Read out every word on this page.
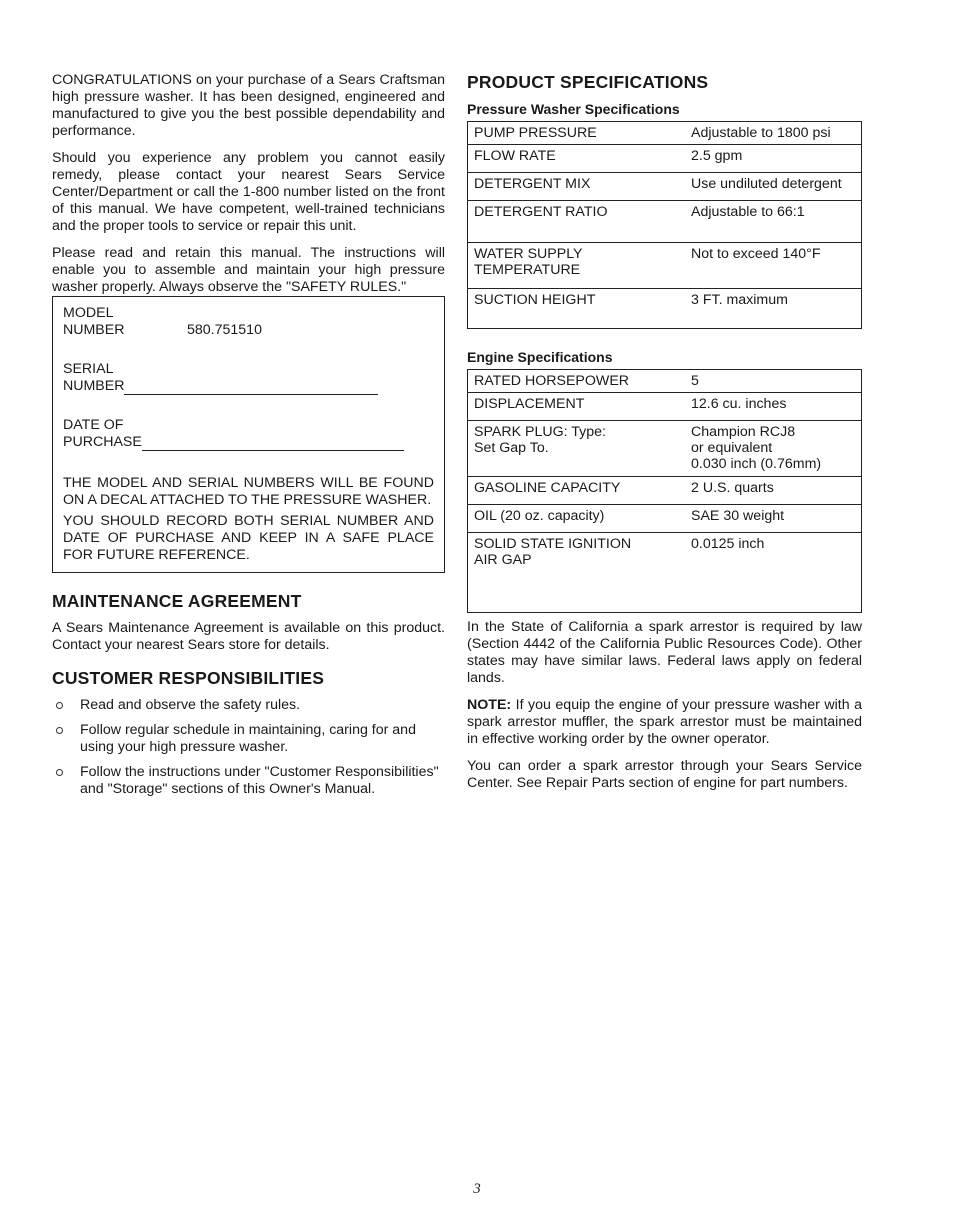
CONGRATULATIONS on your purchase of a Sears Craftsman high pressure washer. It has been designed, engineered and manufactured to give you the best possible dependability and performance.

Should you experience any problem you cannot easily remedy, please contact your nearest Sears Service Center/Department or call the 1-800 number listed on the front of this manual. We have competent, well-trained technicians and the proper tools to service or repair this unit.

Please read and retain this manual. The instructions will enable you to assemble and maintain your high pressure washer properly. Always observe the "SAFETY RULES."

MODEL
NUMBER	580.751510
SERIAL
NUMBER
DATE OF
PURCHASE
THE MODEL AND SERIAL NUMBERS WILL BE FOUND ON A DECAL ATTACHED TO THE PRESSURE WASHER.
YOU SHOULD RECORD BOTH SERIAL NUMBER AND DATE OF PURCHASE AND KEEP IN A SAFE PLACE FOR FUTURE REFERENCE.
MAINTENANCE AGREEMENT

A Sears Maintenance Agreement is available on this product. Contact your nearest Sears store for details.

CUSTOMER RESPONSIBILITIES
Read and observe the safety rules.
Follow regular schedule in maintaining, caring for and using your high pressure washer.
Follow the instructions under "Customer Responsibilities" and "Storage" sections of this Owner's Manual.
PRODUCT SPECIFICATIONS
Pressure Washer Specifications
PUMP PRESSURE	Adjustable to 1800 psi
FLOW RATE	2.5 gpm
DETERGENT MIX	Use undiluted detergent
DETERGENT RATIO	Adjustable to 66:1
WATER SUPPLY
TEMPERATURE	Not to exceed 140°F
SUCTION HEIGHT	3 FT. maximum
Engine Specifications
RATED HORSEPOWER	5
DISPLACEMENT	12.6 cu. inches
SPARK PLUG: Type:
Set Gap To.	Champion RCJ8
or equivalent
0.030 inch (0.76mm)
GASOLINE CAPACITY	2 U.S. quarts
OIL (20 oz. capacity)	SAE 30 weight
SOLID STATE IGNITION
AIR GAP	0.0125 inch

In the State of California a spark arrestor is required by law (Section 4442 of the California Public Resources Code). Other states may have similar laws. Federal laws apply on federal lands.

NOTE: If you equip the engine of your pressure washer with a spark arrestor muffler, the spark arrestor must be maintained in effective working order by the owner operator.

You can order a spark arrestor through your Sears Service Center. See Repair Parts section of engine for part numbers.

3
